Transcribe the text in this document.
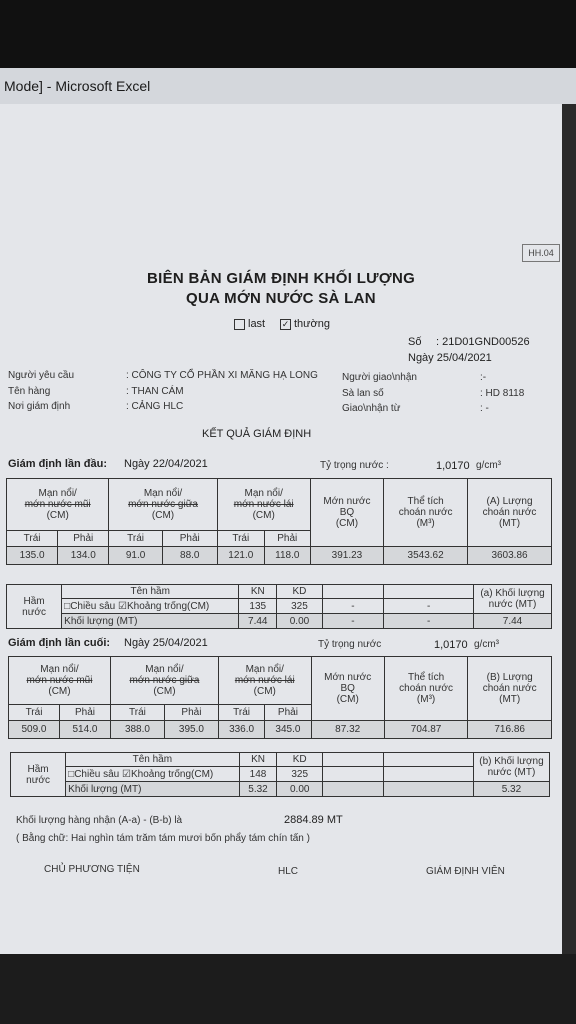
Mode] - Microsoft Excel
HH.04
BIÊN BẢN GIÁM ĐỊNH KHỐI LƯỢNG
QUA MỚN NƯỚC SÀ LAN
last ✓ thường
Số : 21D01GND00526
Ngày 25/04/2021
Người yêu cầu	: CÔNG TY CỔ PHẦN XI MĂNG HẠ LONG
Tên hàng	: THAN CÁM
Nơi giám định	: CẢNG HLC
Người giao\nhận	:-
Sà lan số	: HD 8118
Giao\nhận từ	: -
KẾT QUẢ GIÁM ĐỊNH
Giám định lần đầu: Ngày 22/04/2021	Tỷ trọng nước :	1,0170 g/cm³
Mạn nổi/
mớn nước mũi
(CM)		Mạn nổi/
mớn nước giữa
(CM)		Mạn nổi/
mớn nước lái
(CM)		Mớn nước
BQ
(CM)	Thể tích
choán nước
(M³)	(A) Lượng
choán nước
(MT)
Trái	Phải	Trái	Phải	Trái	Phải			
135.0	134.0	91.0	88.0	121.0	118.0	391.23	3543.62	3603.86
Hầm
nước	Tên hầm	KN	KD			(a) Khối lượng
nước (MT)
	□Chiều sâu ☑Khoảng trống(CM)	135	325	-	-	
	Khối lượng (MT)	7.44	0.00	-	-	7.44
Giám định lần cuối: Ngày 25/04/2021	Tỷ trọng nước	1,0170 g/cm³
Mạn nổi/
mớn nước mũi
(CM)		Mạn nổi/
mớn nước giữa
(CM)		Mạn nổi/
mớn nước lái
(CM)		Mớn nước
BQ
(CM)	Thể tích
choán nước
(M³)	(B) Lượng
choán nước
(MT)
Trái	Phải	Trái	Phải	Trái	Phải			
509.0	514.0	388.0	395.0	336.0	345.0	87.32	704.87	716.86
Hầm
nước	Tên hầm	KN	KD			(b) Khối lượng
nước (MT)
	□Chiều sâu ☑Khoảng trống(CM)	148	325			
	Khối lượng (MT)	5.32	0.00			5.32
Khối lượng hàng nhận (A-a) - (B-b) là	2884.89 MT
( Bằng chữ: Hai nghìn tám trăm tám mươi bốn phẩy tám chín tấn )
CHỦ PHƯƠNG TIỆN	HLC	GIÁM ĐỊNH VIÊN
